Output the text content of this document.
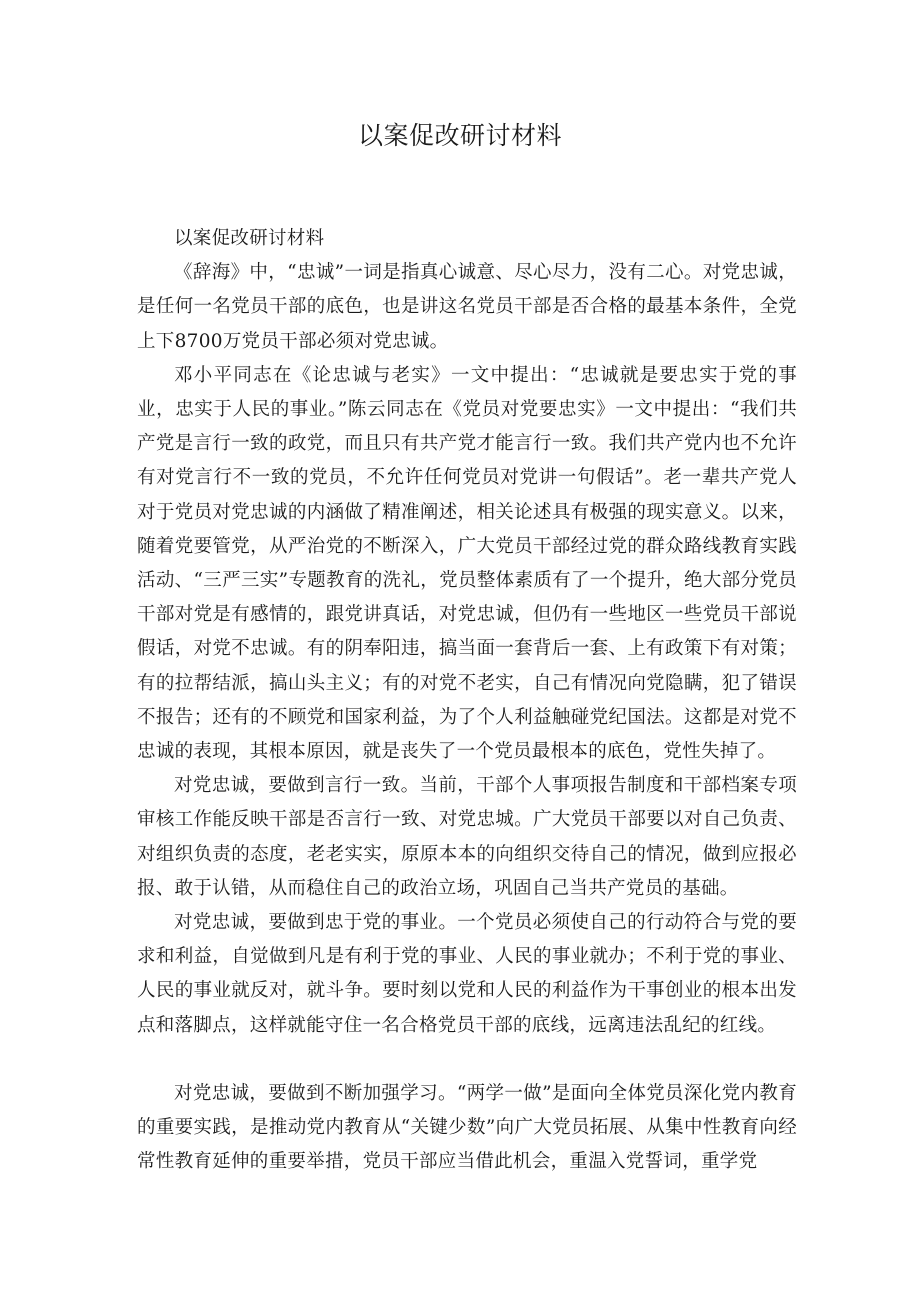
以案促改研讨材料

以案促改研讨材料

《辞海》中，“忠诚”一词是指真心诚意、尽心尽力，没有二心。对党忠诚，是任何一名党员干部的底色，也是讲这名党员干部是否合格的最基本条件，全党上下8700万党员干部必须对党忠诚。

邓小平同志在《论忠诚与老实》一文中提出：“忠诚就是要忠实于党的事业，忠实于人民的事业。”陈云同志在《党员对党要忠实》一文中提出：“我们共产党是言行一致的政党，而且只有共产党才能言行一致。我们共产党内也不允许有对党言行不一致的党员，不允许任何党员对党讲一句假话”。老一辈共产党人对于党员对党忠诚的内涵做了精准阐述，相关论述具有极强的现实意义。以来，随着党要管党，从严治党的不断深入，广大党员干部经过党的群众路线教育实践活动、“三严三实”专题教育的洗礼，党员整体素质有了一个提升，绝大部分党员干部对党是有感情的，跟党讲真话，对党忠诚，但仍有一些地区一些党员干部说假话，对党不忠诚。有的阴奉阳违，搞当面一套背后一套、上有政策下有对策；有的拉帮结派，搞山头主义；有的对党不老实，自己有情况向党隐瞒，犯了错误不报告；还有的不顾党和国家利益，为了个人利益触碰党纪国法。这都是对党不忠诚的表现，其根本原因，就是丧失了一个党员最根本的底色，党性失掉了。

对党忠诚，要做到言行一致。当前，干部个人事项报告制度和干部档案专项审核工作能反映干部是否言行一致、对党忠城。广大党员干部要以对自己负责、对组织负责的态度，老老实实，原原本本的向组织交待自己的情况，做到应报必报、敢于认错，从而稳住自己的政治立场，巩固自己当共产党员的基础。

对党忠诚，要做到忠于党的事业。一个党员必须使自己的行动符合与党的要求和利益，自觉做到凡是有利于党的事业、人民的事业就办；不利于党的事业、人民的事业就反对，就斗争。要时刻以党和人民的利益作为干事创业的根本出发点和落脚点，这样就能守住一名合格党员干部的底线，远离违法乱纪的红线。

对党忠诚，要做到不断加强学习。“两学一做”是面向全体党员深化党内教育的重要实践，是推动党内教育从“关键少数”向广大党员拓展、从集中性教育向经常性教育延伸的重要举措，党员干部应当借此机会，重温入党誓词，重学党
